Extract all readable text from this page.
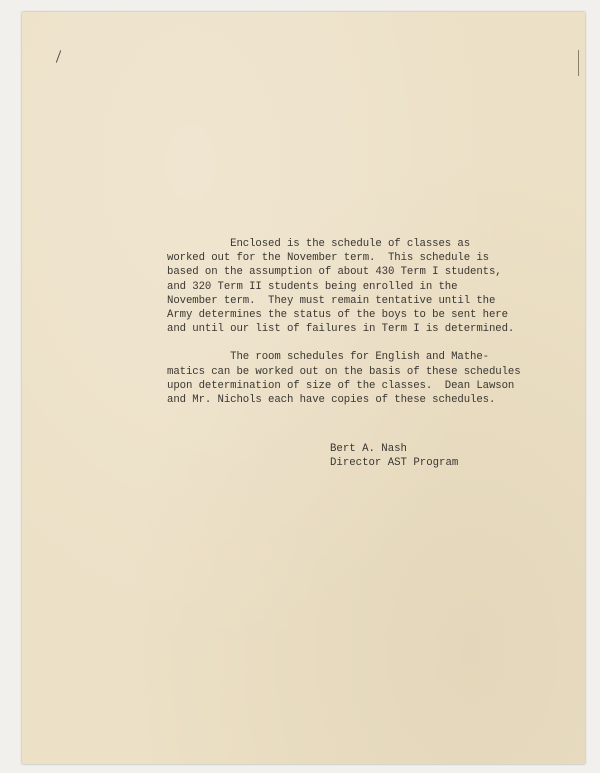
Enclosed is the schedule of classes as
worked out for the November term.  This schedule is
based on the assumption of about 430 Term I students,
and 320 Term II students being enrolled in the
November term.  They must remain tentative until the
Army determines the status of the boys to be sent here
and until our list of failures in Term I is determined.
The room schedules for English and Mathe-
matics can be worked out on the basis of these schedules
upon determination of size of the classes.  Dean Lawson
and Mr. Nichols each have copies of these schedules.
Bert A. Nash
Director AST Program
